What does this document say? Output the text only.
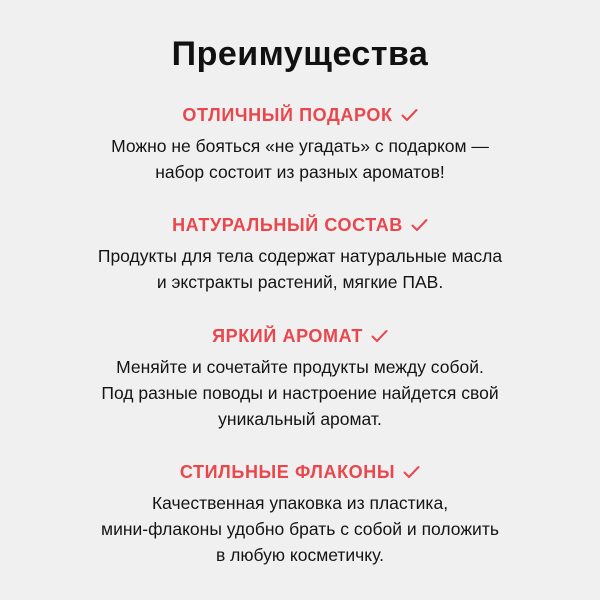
Преимущества
ОТЛИЧНЫЙ ПОДАРОК

Можно не бояться «не угадать» с подарком —
набор состоит из разных ароматов!

НАТУРАЛЬНЫЙ СОСТАВ

Продукты для тела содержат натуральные масла
и экстракты растений, мягкие ПАВ.

ЯРКИЙ АРОМАТ

Меняйте и сочетайте продукты между собой.
Под разные поводы и настроение найдется свой
уникальный аромат.

СТИЛЬНЫЕ ФЛАКОНЫ

Качественная упаковка из пластика,
мини-флаконы удобно брать с собой и положить
в любую косметичку.
